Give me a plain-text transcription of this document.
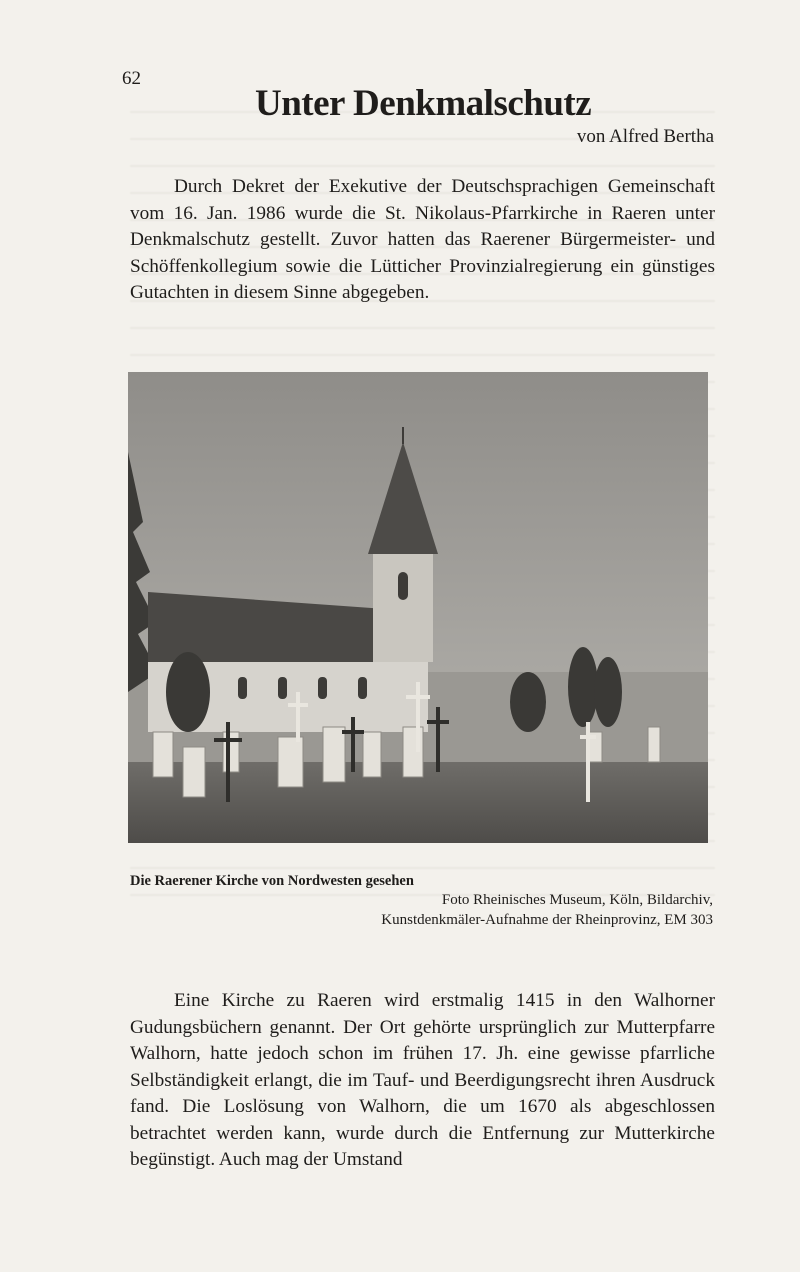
62
Unter Denkmalschutz
von Alfred Bertha

Durch Dekret der Exekutive der Deutschsprachigen Gemeinschaft vom 16. Jan. 1986 wurde die St. Nikolaus-Pfarrkirche in Raeren unter Denkmalschutz gestellt. Zuvor hatten das Raerener Bürgermeister- und Schöffenkollegium sowie die Lütticher Provinzialregierung ein günstiges Gutachten in diesem Sinne abgegeben.

Die Raerener Kirche von Nordwesten gesehen
Foto Rheinisches Museum, Köln, Bildarchiv,
Kunstdenkmäler-Aufnahme der Rheinprovinz, EM 303

Eine Kirche zu Raeren wird erstmalig 1415 in den Walhorner Gudungsbüchern genannt. Der Ort gehörte ursprünglich zur Mutterpfarre Walhorn, hatte jedoch schon im frühen 17. Jh. eine gewisse pfarrliche Selbständigkeit erlangt, die im Tauf- und Beerdigungsrecht ihren Ausdruck fand. Die Loslösung von Walhorn, die um 1670 als abgeschlossen betrachtet werden kann, wurde durch die Entfernung zur Mutterkirche begünstigt. Auch mag der Umstand
